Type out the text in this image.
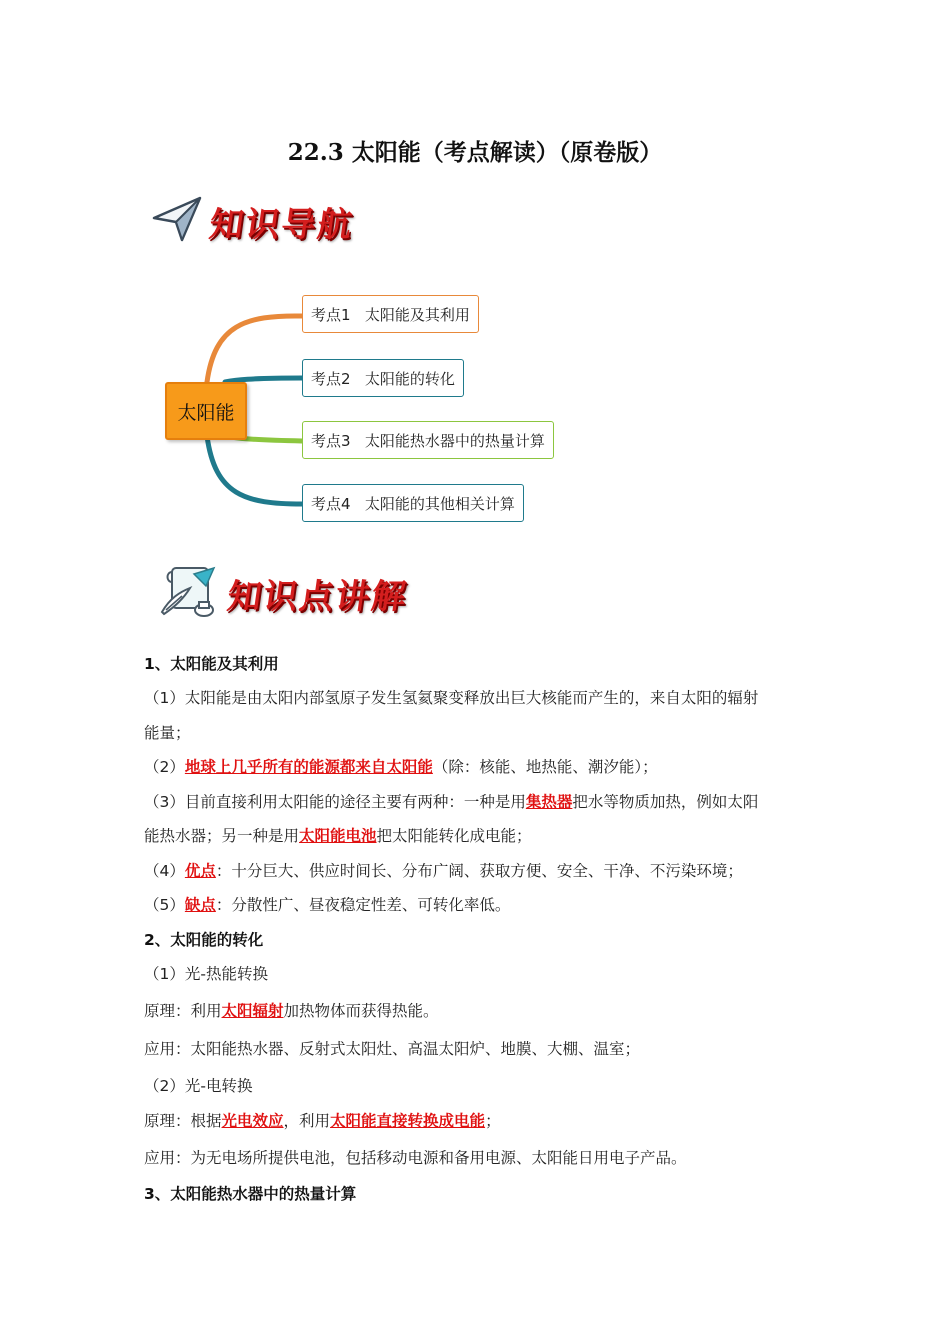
22.3 太阳能（考点解读）（原卷版）
知识导航
太阳能
考点1   太阳能及其利用
考点2   太阳能的转化
考点3   太阳能热水器中的热量计算
考点4   太阳能的其他相关计算
知识点讲解
1、太阳能及其利用
（1）太阳能是由太阳内部氢原子发生氢氦聚变释放出巨大核能而产生的，来自太阳的辐射
能量；
（2）地球上几乎所有的能源都来自太阳能（除：核能、地热能、潮汐能）；
（3）目前直接利用太阳能的途径主要有两种：一种是用集热器把水等物质加热，例如太阳
能热水器；另一种是用太阳能电池把太阳能转化成电能；
（4）优点：十分巨大、供应时间长、分布广阔、获取方便、安全、干净、不污染环境；
（5）缺点：分散性广、昼夜稳定性差、可转化率低。
2、太阳能的转化
（1）光-热能转换
原理：利用太阳辐射加热物体而获得热能。
应用：太阳能热水器、反射式太阳灶、高温太阳炉、地膜、大棚、温室；
（2）光-电转换
原理：根据光电效应，利用太阳能直接转换成电能；
应用：为无电场所提供电池，包括移动电源和备用电源、太阳能日用电子产品。
3、太阳能热水器中的热量计算
